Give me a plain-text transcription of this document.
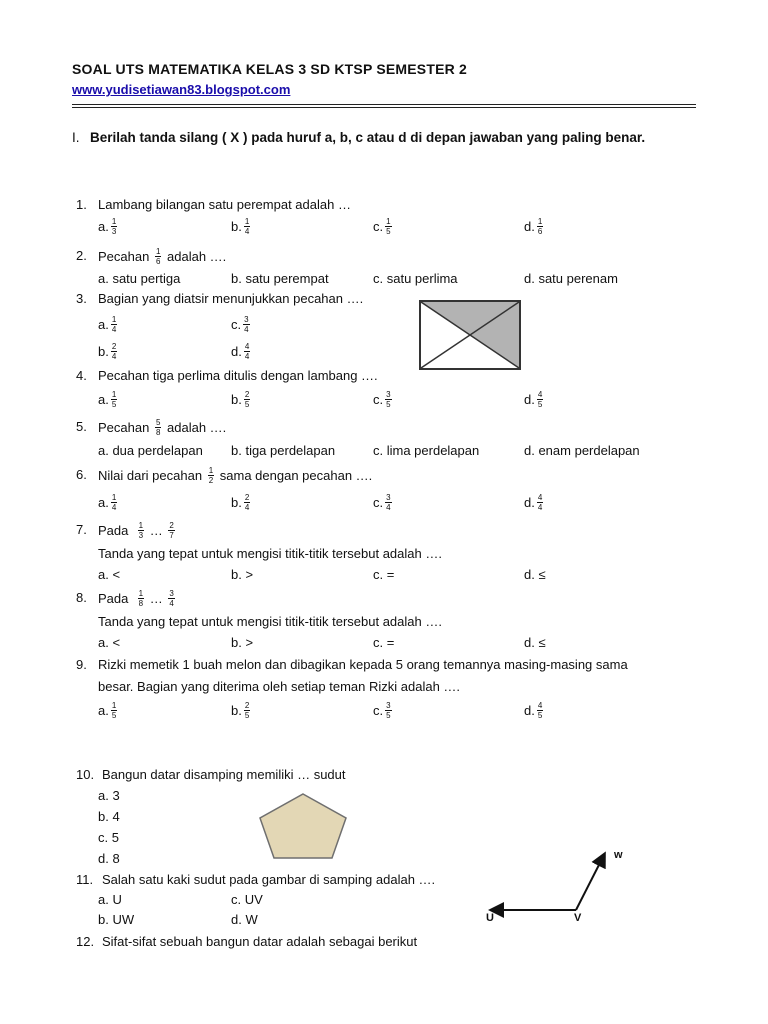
SOAL UTS MATEMATIKA KELAS 3 SD KTSP SEMESTER 2
www.yudisetiawan83.blogspot.com
I. Berilah tanda silang ( X ) pada huruf a, b, c atau d di depan jawaban yang paling benar.
1. Lambang bilangan satu perempat adalah …
a. $\frac{1}{3}$	b. $\frac{1}{4}$	c. $\frac{1}{5}$	d. $\frac{1}{6}$
2. Pecahan $\frac{1}{6}$ adalah ….
a. satu pertiga	b. satu perempat	c. satu perlima	d. satu perenam
3. Bagian yang diatsir menunjukkan pecahan ….
a. $\frac{1}{4}$	c. $\frac{3}{4}$
b. $\frac{2}{4}$	d. $\frac{4}{4}$
4. Pecahan tiga perlima ditulis dengan lambang ….
a. $\frac{1}{5}$	b. $\frac{2}{5}$	c. $\frac{3}{5}$	d. $\frac{4}{5}$
5. Pecahan $\frac{5}{8}$ adalah ….
a. dua perdelapan b. tiga perdelapan	c. lima perdelapan	d. enam perdelapan
6. Nilai dari pecahan $\frac{1}{2}$ sama dengan pecahan ….
a. $\frac{1}{4}$	b. $\frac{2}{4}$	c. $\frac{3}{4}$	d. $\frac{4}{4}$
7. Pada $\frac{1}{3}$ … $\frac{2}{7}$
Tanda yang tepat untuk mengisi titik-titik tersebut adalah ….
a. <	b. >	c. =	d. ≤
8. Pada $\frac{1}{8}$ … $\frac{3}{4}$
Tanda yang tepat untuk mengisi titik-titik tersebut adalah ….
a. <	b. >	c. =	d. ≤
9. Rizki memetik 1 buah melon dan dibagikan kepada 5 orang temannya masing-masing sama
besar. Bagian yang diterima oleh setiap teman Rizki adalah ….
a. $\frac{1}{5}$	b. $\frac{2}{5}$	c. $\frac{3}{5}$	d. $\frac{4}{5}$
10. Bangun datar disamping memiliki … sudut
a. 3
b. 4
c. 5
d. 8
11. Salah satu kaki sudut pada gambar di samping adalah ….
a. U	c. UV
b. UW	d. W
w
U	V
12. Sifat-sifat sebuah bangun datar adalah sebagai berikut
